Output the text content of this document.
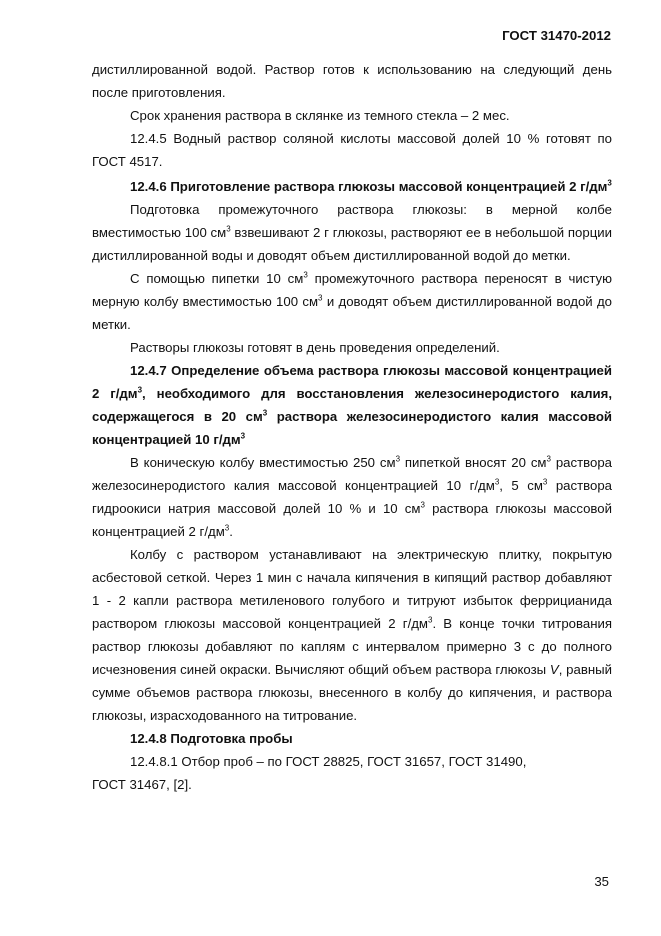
ГОСТ 31470-2012

дистиллированной водой. Раствор готов к использованию на следующий день после приготовления.

Срок хранения раствора в склянке из темного стекла – 2 мес.

12.4.5 Водный раствор соляной кислоты массовой долей 10 % готовят по ГОСТ 4517.

12.4.6 Приготовление раствора глюкозы массовой концентрацией 2 $г/дм^3$

Подготовка промежуточного раствора глюкозы: в мерной колбе вместимостью 100 $см^3$ взвешивают 2 г глюкозы, растворяют ее в небольшой порции дистиллированной воды и доводят объем дистиллированной водой до метки.

С помощью пипетки 10 $см^3$ промежуточного раствора переносят в чистую мерную колбу вместимостью 100 $см^3$ и доводят объем дистиллированной водой до метки.

Растворы глюкозы готовят в день проведения определений.

12.4.7 Определение объема раствора глюкозы массовой концентрацией 2 $г/дм^3$, необходимого для восстановления железосинеродистого калия, содержащегося в 20 $см^3$ раствора железосинеродистого калия массовой концентрацией 10 $г/дм^3$

В коническую колбу вместимостью 250 $см^3$ пипеткой вносят 20 $см^3$ раствора железосинеродистого калия массовой концентрацией 10 $г/дм^3$, 5 $см^3$ раствора гидроокиси натрия массовой долей 10 % и 10 $см^3$ раствора глюкозы массовой концентрацией 2 $г/дм^3$.

Колбу с раствором устанавливают на электрическую плитку, покрытую асбестовой сеткой. Через 1 мин с начала кипячения в кипящий раствор добавляют 1 - 2 капли раствора метиленового голубого и титруют избыток феррицианида раствором глюкозы массовой концентрацией 2 $г/дм^3$. В конце точки титрования раствор глюкозы добавляют по каплям с интервалом примерно 3 с до полного исчезновения синей окраски. Вычисляют общий объем раствора глюкозы V, равный сумме объемов раствора глюкозы, внесенного в колбу до кипячения, и раствора глюкозы, израсходованного на титрование.

12.4.8 Подготовка пробы

12.4.8.1 Отбор проб – по ГОСТ 28825, ГОСТ 31657, ГОСТ 31490,

ГОСТ 31467, [2].

35
